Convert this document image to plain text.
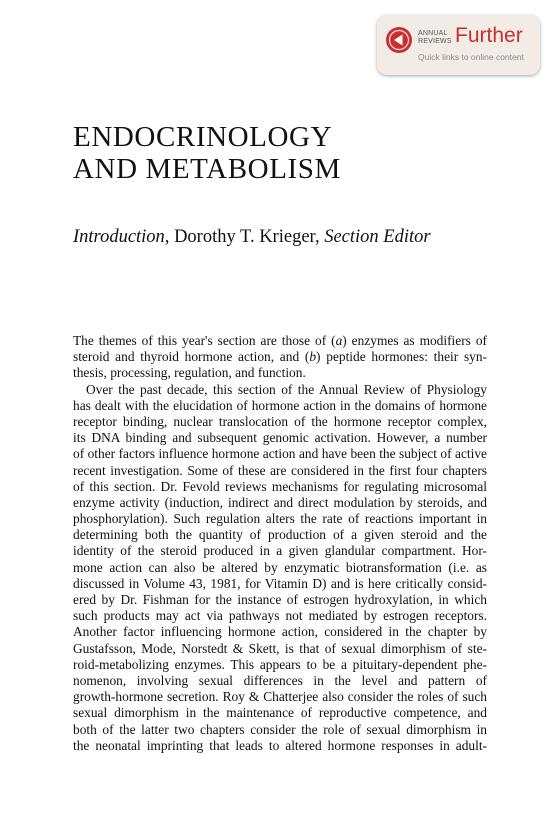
ANNUAL
REVIEWS Further
Quick links to online content
ENDOCRINOLOGY
AND METABOLISM
Introduction, Dorothy T. Krieger, Section Editor
The themes of this year's section are those of (a) enzymes as modifiers of
steroid and thyroid hormone action, and (b) peptide hormones: their syn-
thesis, processing, regulation, and function.
Over the past decade, this section of the Annual Review of Physiology
has dealt with the elucidation of hormone action in the domains of hormone
receptor binding, nuclear translocation of the hormone receptor complex,
its DNA binding and subsequent genomic activation. However, a number
of other factors influence hormone action and have been the subject of active
recent investigation. Some of these are considered in the first four chapters
of this section. Dr. Fevold reviews mechanisms for regulating microsomal
enzyme activity (induction, indirect and direct modulation by steroids, and
phosphorylation). Such regulation alters the rate of reactions important in
determining both the quantity of production of a given steroid and the
identity of the steroid produced in a given glandular compartment. Hor-
mone action can also be altered by enzymatic biotransformation (i.e. as
discussed in Volume 43, 1981, for Vitamin D) and is here critically consid-
ered by Dr. Fishman for the instance of estrogen hydroxylation, in which
such products may act via pathways not mediated by estrogen receptors.
Another factor influencing hormone action, considered in the chapter by
Gustafsson, Mode, Norstedt & Skett, is that of sexual dimorphism of ste-
roid-metabolizing enzymes. This appears to be a pituitary-dependent phe-
nomenon, involving sexual differences in the level and pattern of
growth-hormone secretion. Roy & Chatterjee also consider the roles of such
sexual dimorphism in the maintenance of reproductive competence, and
both of the latter two chapters consider the role of sexual dimorphism in
the neonatal imprinting that leads to altered hormone responses in adult-
